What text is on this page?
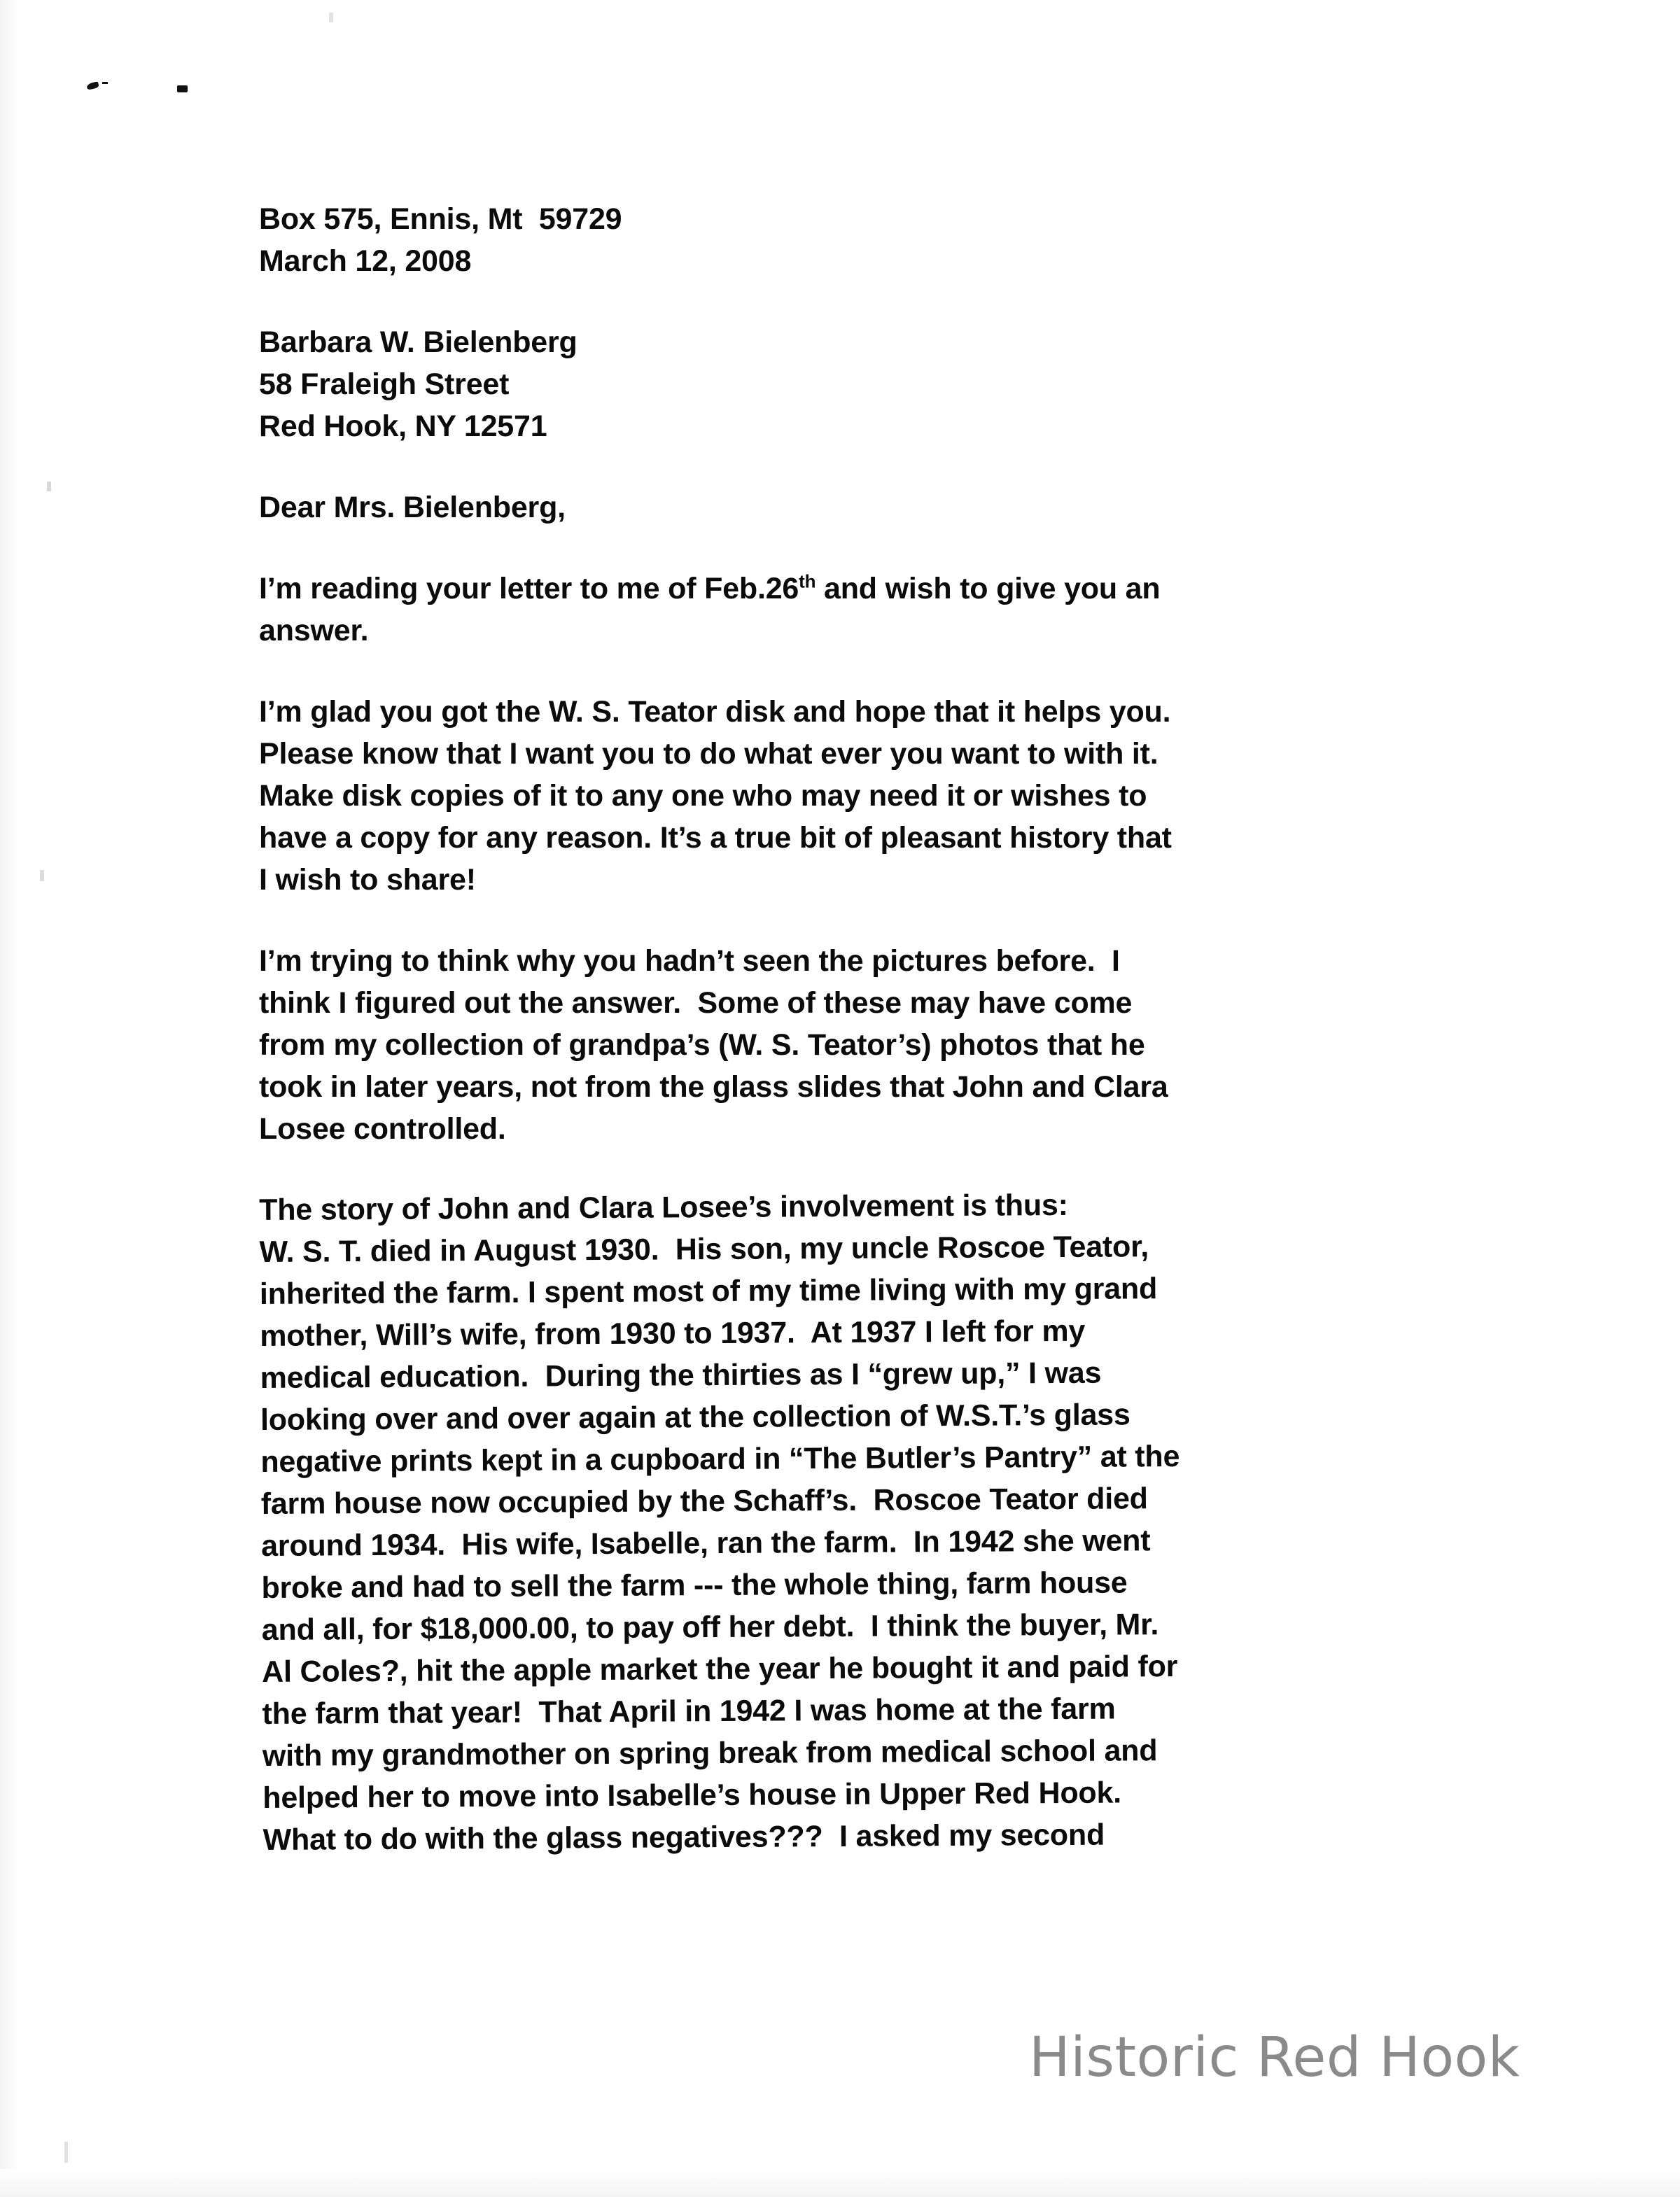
Box 575, Ennis, Mt  59729
March 12, 2008
Barbara W. Bielenberg
58 Fraleigh Street
Red Hook, NY 12571
Dear Mrs. Bielenberg,
I’m reading your letter to me of Feb.26th and wish to give you an
answer.
I’m glad you got the W. S. Teator disk and hope that it helps you.
Please know that I want you to do what ever you want to with it.
Make disk copies of it to any one who may need it or wishes to
have a copy for any reason. It’s a true bit of pleasant history that
I wish to share!
I’m trying to think why you hadn’t seen the pictures before.  I
think I figured out the answer.  Some of these may have come
from my collection of grandpa’s (W. S. Teator’s) photos that he
took in later years, not from the glass slides that John and Clara
Losee controlled.
The story of John and Clara Losee’s involvement is thus:
W. S. T. died in August 1930.  His son, my uncle Roscoe Teator,
inherited the farm. I spent most of my time living with my grand
mother, Will’s wife, from 1930 to 1937.  At 1937 I left for my
medical education.  During the thirties as I “grew up,” I was
looking over and over again at the collection of W.S.T.’s glass
negative prints kept in a cupboard in “The Butler’s Pantry” at the
farm house now occupied by the Schaff’s.  Roscoe Teator died
around 1934.  His wife, Isabelle, ran the farm.  In 1942 she went
broke and had to sell the farm --- the whole thing, farm house
and all, for $18,000.00, to pay off her debt.  I think the buyer, Mr.
Al Coles?, hit the apple market the year he bought it and paid for
the farm that year!  That April in 1942 I was home at the farm
with my grandmother on spring break from medical school and
helped her to move into Isabelle’s house in Upper Red Hook.
What to do with the glass negatives???  I asked my second
Historic Red Hook
